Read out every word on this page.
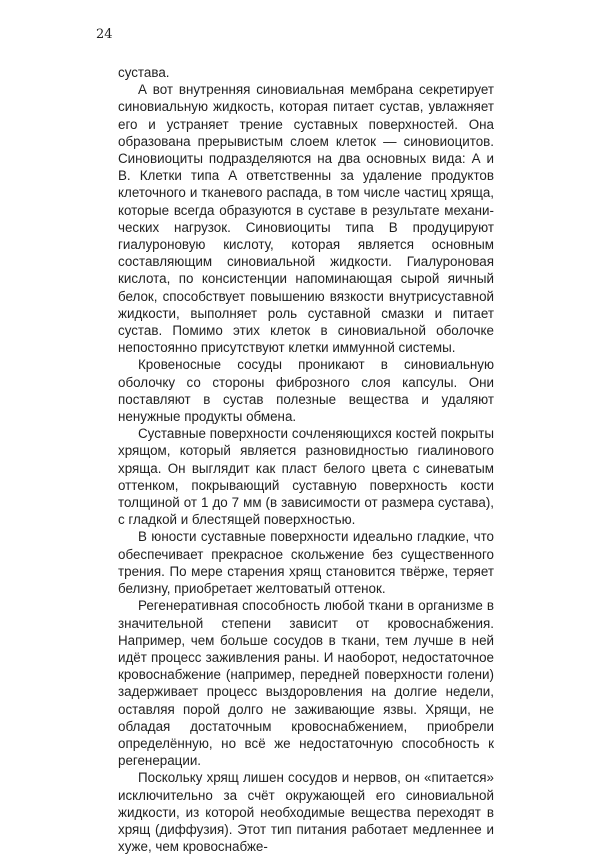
24

сустава.

А вот внутренняя синовиальная мембрана секретирует синовиальную жидкость, которая питает сустав, увлажняет его и устраняет трение суставных поверхностей. Она образована прерывистым слоем клеток — синовиоцитов. Синовиоциты подразделяются на два основных вида: А и В. Клетки типа А ответственны за удаление продуктов клеточного и тканевого распада, в том числе частиц хряща, которые всегда образуются в суставе в результате механических нагрузок. Синовиоциты типа В продуцируют гиалуроновую кислоту, которая является основным составляющим синовиальной жидкости. Гиалуроновая кислота, по консистенции напоминающая сырой яичный белок, способствует повышению вязкости внутрисуставной жидкости, выполняет роль суставной смазки и питает сустав. Помимо этих клеток в синовиальной оболочке непостоянно присутствуют клетки иммунной системы.

Кровеносные сосуды проникают в синовиальную оболочку со стороны фиброзного слоя капсулы. Они поставляют в сустав полезные вещества и удаляют ненужные продукты обмена.

Суставные поверхности сочленяющихся костей покрыты хрящом, который является разновидностью гиалинового хряща. Он выглядит как пласт белого цвета с синеватым оттенком, покрывающий суставную поверхность кости толщиной от 1 до 7 мм (в зависимости от размера сустава), с гладкой и блестящей поверхностью.

В юности суставные поверхности идеально гладкие, что обеспечивает прекрасное скольжение без существенного трения. По мере старения хрящ становится твёрже, теряет белизну, приобретает желтоватый оттенок.

Регенеративная способность любой ткани в организме в значительной степени зависит от кровоснабжения. Например, чем больше сосудов в ткани, тем лучше в ней идёт процесс заживления раны. И наоборот, недостаточное кровоснабжение (например, передней поверхности голени) задерживает процесс выздоровления на долгие недели, оставляя порой долго не заживающие язвы. Хрящи, не обладая достаточным кровоснабжением, приобрели определённую, но всё же недостаточную способность к регенерации.

Поскольку хрящ лишен сосудов и нервов, он «питается» исключительно за счёт окружающей его синовиальной жидкости, из которой необходимые вещества переходят в хрящ (диффузия). Этот тип питания работает медленнее и хуже, чем кровоснабже-
